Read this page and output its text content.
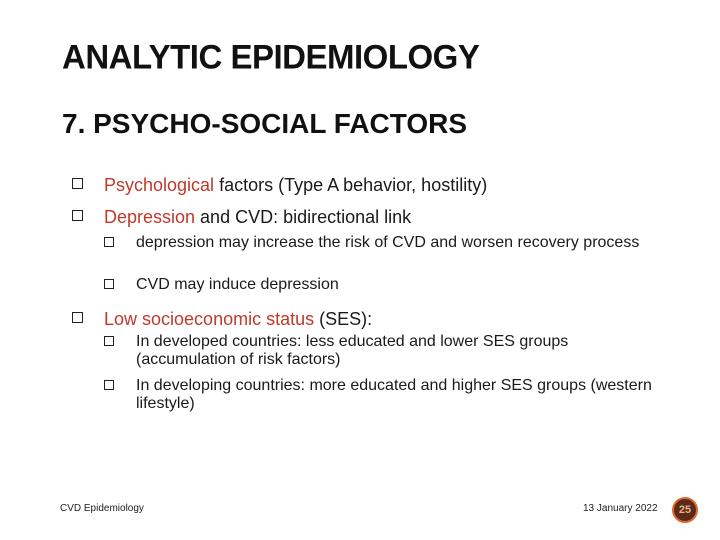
ANALYTIC EPIDEMIOLOGY
7. PSYCHO-SOCIAL FACTORS
Psychological factors (Type A behavior, hostility)
Depression and CVD: bidirectional link
depression may increase the risk of CVD and worsen recovery process
CVD may induce depression
Low socioeconomic status (SES):
In developed countries: less educated and lower SES groups (accumulation of risk factors)
In developing countries: more educated and higher SES groups (western lifestyle)
CVD Epidemiology	13 January 2022	25
